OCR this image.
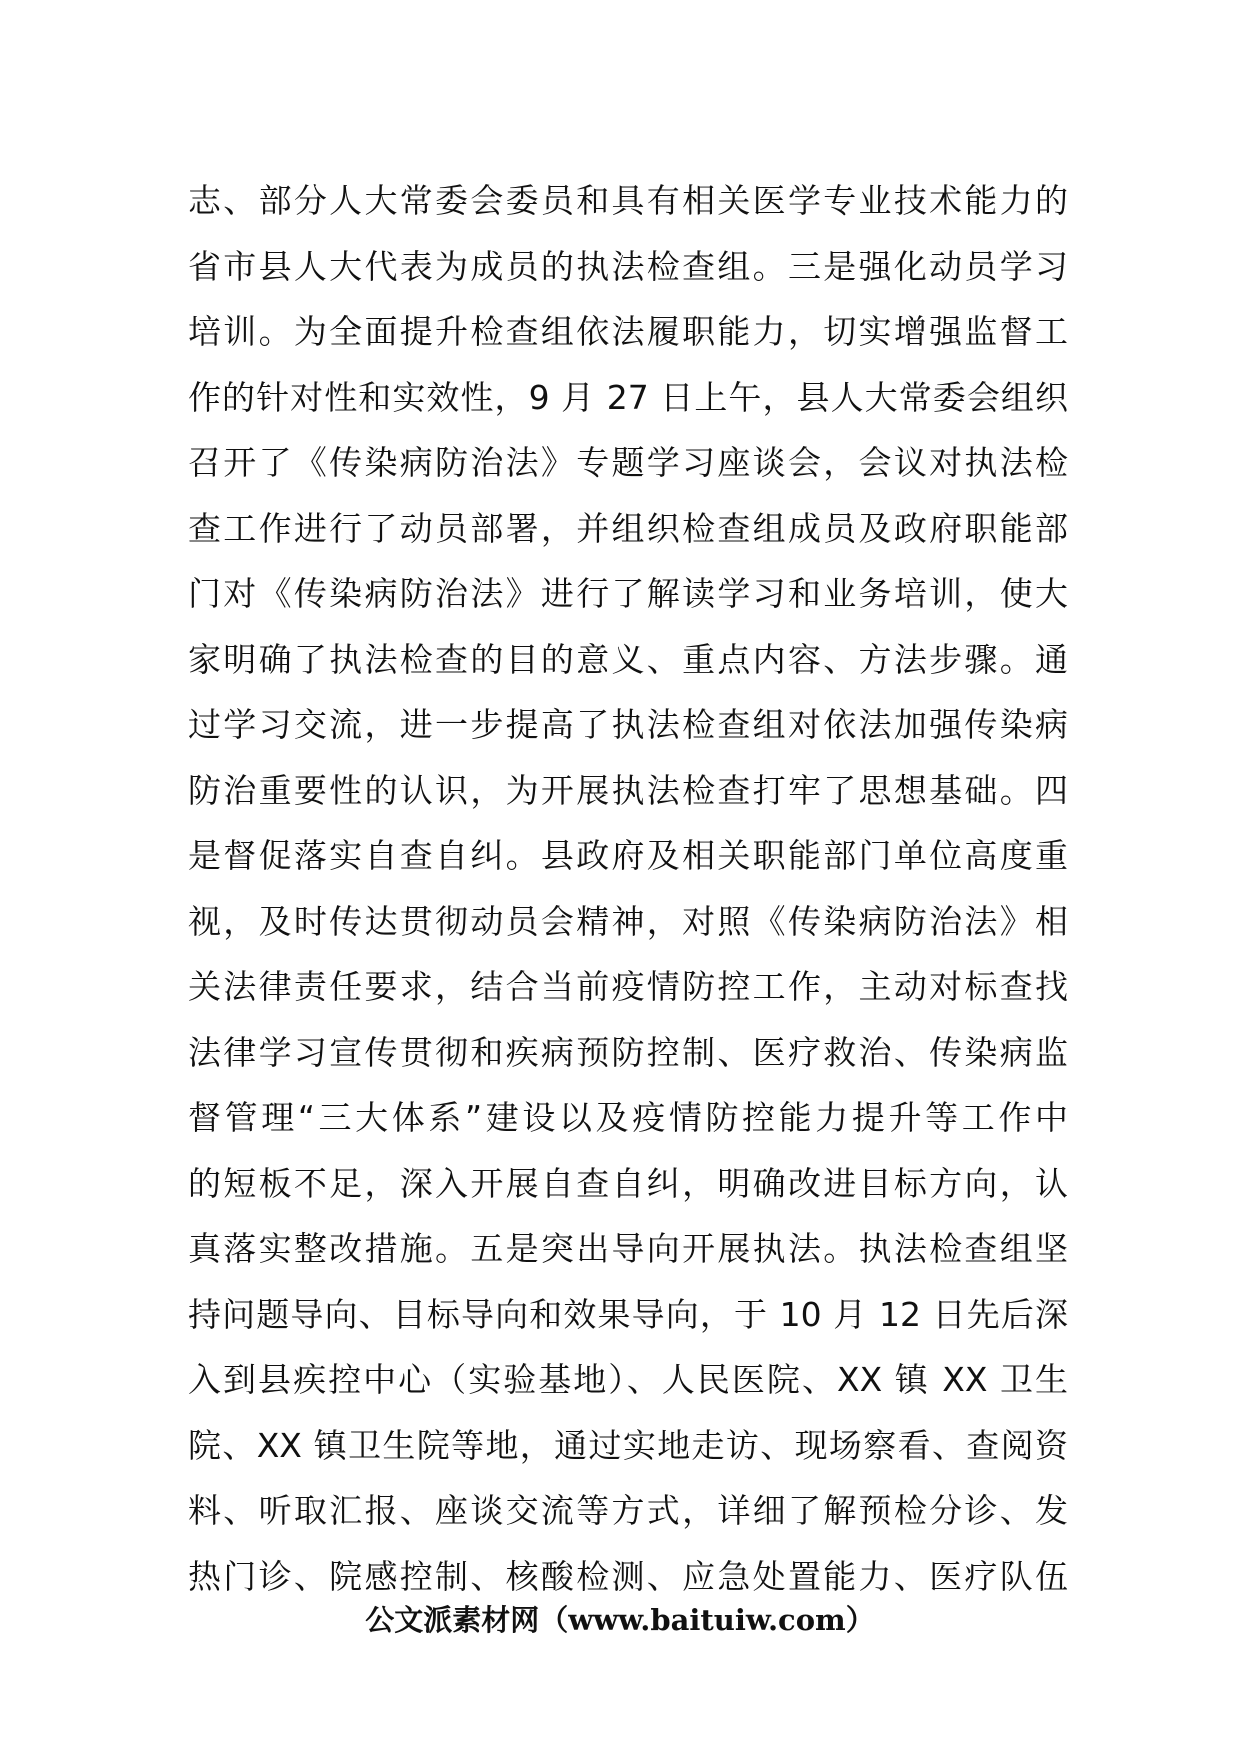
志、部分人大常委会委员和具有相关医学专业技术能力的
省市县人大代表为成员的执法检查组。三是强化动员学习
培训。为全面提升检查组依法履职能力，切实增强监督工
作的针对性和实效性，9 月 27 日上午，县人大常委会组织
召开了《传染病防治法》专题学习座谈会，会议对执法检
查工作进行了动员部署，并组织检查组成员及政府职能部
门对《传染病防治法》进行了解读学习和业务培训，使大
家明确了执法检查的目的意义、重点内容、方法步骤。通
过学习交流，进一步提高了执法检查组对依法加强传染病
防治重要性的认识，为开展执法检查打牢了思想基础。四
是督促落实自查自纠。县政府及相关职能部门单位高度重
视，及时传达贯彻动员会精神，对照《传染病防治法》相
关法律责任要求，结合当前疫情防控工作，主动对标查找
法律学习宣传贯彻和疾病预防控制、医疗救治、传染病监
督管理“三大体系”建设以及疫情防控能力提升等工作中
的短板不足，深入开展自查自纠，明确改进目标方向，认
真落实整改措施。五是突出导向开展执法。执法检查组坚
持问题导向、目标导向和效果导向，于 10 月 12 日先后深
入到县疾控中心（实验基地）、人民医院、XX 镇 XX 卫生
院、XX 镇卫生院等地，通过实地走访、现场察看、查阅资
料、听取汇报、座谈交流等方式，详细了解预检分诊、发
热门诊、院感控制、核酸检测、应急处置能力、医疗队伍
公文派素材网（www.baituiw.com）
